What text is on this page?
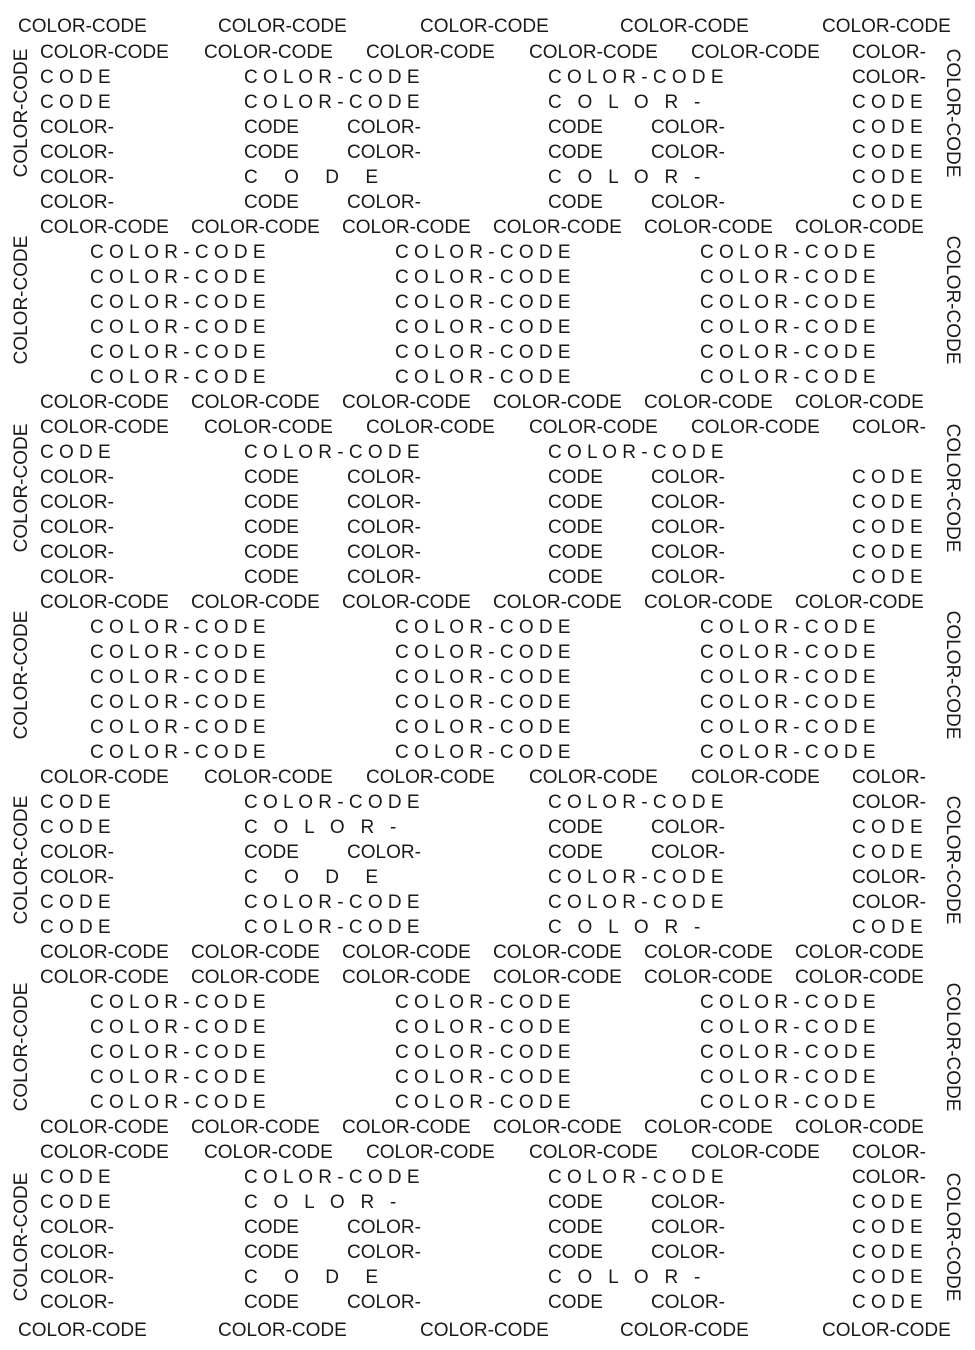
COLOR-CODE
COLOR-CODE
COLOR-CODE
COLOR-CODE
COLOR-CODE
COLOR-CODE
COLOR-CODE
COLOR-CODE
COLOR-CODE
COLOR-CODE
COLOR-CODE
COLOR-CODE
COLOR-CODE
COLOR-CODE
COLOR-CODE
COLOR-CODE
COLOR-CODE
COLOR-CODE
COLOR-CODE
COLOR-CODE
COLOR-CODE
COLOR-CODE
COLOR-CODE
COLOR-CODE
COLOR-CODE COLOR-CODE COLOR-CODE COLOR-CODE COLOR-CODE COLOR-
C O D E	C O L O R - C O D E	C O L O R - C O D E	COLOR-
C O D E	C O L O R - C O D E	C   O   L   O   R   -	C O D E
COLOR-	CODE	COLOR-	CODE	COLOR-	C O D E
COLOR-	CODE	COLOR-	CODE	COLOR-	C O D E
COLOR-	C     O     D     E	C   O   L   O   R   -	C O D E
COLOR-	CODE	COLOR-	CODE	COLOR-	C O D E
COLOR-CODE COLOR-CODE COLOR-CODE COLOR-CODE COLOR-CODE COLOR-CODE
C O L O R - C O D E	C O L O R - C O D E	C O L O R - C O D E
C O L O R - C O D E	C O L O R - C O D E	C O L O R - C O D E
C O L O R - C O D E	C O L O R - C O D E	C O L O R - C O D E
C O L O R - C O D E	C O L O R - C O D E	C O L O R - C O D E
C O L O R - C O D E	C O L O R - C O D E	C O L O R - C O D E
C O L O R - C O D E	C O L O R - C O D E	C O L O R - C O D E
COLOR-CODE COLOR-CODE COLOR-CODE COLOR-CODE COLOR-CODE COLOR-CODE
COLOR-CODE COLOR-CODE COLOR-CODE COLOR-CODE COLOR-CODE COLOR-
C O D E	C O L O R - C O D E	C O L O R - C O D E
COLOR-	CODE	COLOR-	CODE	COLOR-	C O D E
COLOR-	CODE	COLOR-	CODE	COLOR-	C O D E
COLOR-	CODE	COLOR-	CODE	COLOR-	C O D E
COLOR-	CODE	COLOR-	CODE	COLOR-	C O D E
COLOR-	CODE	COLOR-	CODE	COLOR-	C O D E
COLOR-CODE COLOR-CODE COLOR-CODE COLOR-CODE COLOR-CODE COLOR-CODE
C O L O R - C O D E	C O L O R - C O D E	C O L O R - C O D E
C O L O R - C O D E	C O L O R - C O D E	C O L O R - C O D E
C O L O R - C O D E	C O L O R - C O D E	C O L O R - C O D E
C O L O R - C O D E	C O L O R - C O D E	C O L O R - C O D E
C O L O R - C O D E	C O L O R - C O D E	C O L O R - C O D E
C O L O R - C O D E	C O L O R - C O D E	C O L O R - C O D E
COLOR-CODE COLOR-CODE COLOR-CODE COLOR-CODE COLOR-CODE COLOR-
C O D E	C O L O R - C O D E	C O L O R - C O D E	COLOR-
C O D E	C   O   L   O   R   -	CODE	COLOR-	C O D E
COLOR-	CODE	COLOR-	CODE	COLOR-	C O D E
COLOR-	C     O     D     E	C O L O R - C O D E	COLOR-
C O D E	C O L O R - C O D E	C O L O R - C O D E	COLOR-
C O D E	C O L O R - C O D E	C   O   L   O   R   -	C O D E
COLOR-CODE COLOR-CODE COLOR-CODE COLOR-CODE COLOR-CODE COLOR-CODE
COLOR-CODE COLOR-CODE COLOR-CODE COLOR-CODE COLOR-CODE COLOR-CODE
C O L O R - C O D E	C O L O R - C O D E	C O L O R - C O D E
C O L O R - C O D E	C O L O R - C O D E	C O L O R - C O D E
C O L O R - C O D E	C O L O R - C O D E	C O L O R - C O D E
C O L O R - C O D E	C O L O R - C O D E	C O L O R - C O D E
C O L O R - C O D E	C O L O R - C O D E	C O L O R - C O D E
COLOR-CODE COLOR-CODE COLOR-CODE COLOR-CODE COLOR-CODE COLOR-CODE
COLOR-CODE COLOR-CODE COLOR-CODE COLOR-CODE COLOR-CODE COLOR-
C O D E	C O L O R - C O D E	C O L O R - C O D E	COLOR-
C O D E	C   O   L   O   R   -	CODE	COLOR-	C O D E
COLOR-	CODE	COLOR-	CODE	COLOR-	C O D E
COLOR-	CODE	COLOR-	CODE	COLOR-	C O D E
COLOR-	C     O     D     E	C   O   L   O   R   -	C O D E
COLOR-	CODE	COLOR-	CODE	COLOR-	C O D E
